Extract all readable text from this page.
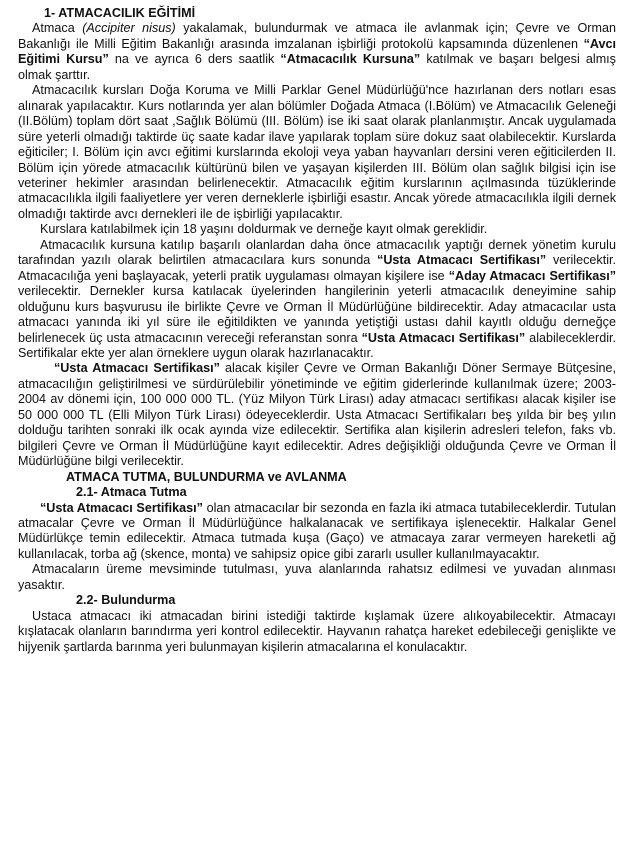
1- ATMACACILIK EĞİTİMİ

Atmaca (Accipiter nisus) yakalamak, bulundurmak ve atmaca ile avlanmak için; Çevre ve Orman Bakanlığı ile Milli Eğitim Bakanlığı arasında imzalanan işbirliği protokolü kapsamında düzenlenen “Avcı Eğitimi Kursu” na ve ayrıca 6 ders saatlik “Atmacacılık Kursuna” katılmak ve başarı belgesi almış olmak şarttır.

Atmacacılık kursları Doğa Koruma ve Milli Parklar Genel Müdürlüğü'nce hazırlanan ders notları esas alınarak yapılacaktır. Kurs notlarında yer alan bölümler Doğada Atmaca (I.Bölüm) ve Atmacacılık Geleneği (II.Bölüm) toplam dört saat ,Sağlık Bölümü (III. Bölüm) ise iki saat olarak planlanmıştır. Ancak uygulamada süre yeterli olmadığı taktirde üç saate kadar ilave yapılarak toplam süre dokuz saat olabilecektir. Kurslarda eğiticiler; I. Bölüm için avcı eğitimi kurslarında ekoloji veya yaban hayvanları dersini veren eğiticilerden II. Bölüm için yörede atmacacılık kültürünü bilen ve yaşayan kişilerden III. Bölüm olan sağlık bilgisi için ise veteriner hekimler arasından belirlenecektir. Atmacacılık eğitim kurslarının açılmasında tüzüklerinde atmacacılıkla ilgili faaliyetlere yer veren derneklerle işbirliği esastır. Ancak yörede atmacacılıkla ilgili dernek olmadığı taktirde avcı dernekleri ile de işbirliği yapılacaktır.

Kurslara katılabilmek için 18 yaşını doldurmak ve derneğe kayıt olmak gereklidir.

Atmacacılık kursuna katılıp başarılı olanlardan daha önce atmacacılık yaptığı dernek yönetim kurulu tarafından yazılı olarak belirtilen atmacacılara kurs sonunda “Usta Atmacacı Sertifikası” verilecektir. Atmacacılığa yeni başlayacak, yeterli pratik uygulaması olmayan kişilere ise “Aday Atmacacı Sertifikası” verilecektir. Dernekler kursa katılacak üyelerinden hangilerinin yeterli atmacacılık deneyimine sahip olduğunu kurs başvurusu ile birlikte Çevre ve Orman İl Müdürlüğüne bildirecektir. Aday atmacacılar usta atmacacı yanında iki yıl süre ile eğitildikten ve yanında yetiştiği ustası dahil kayıtlı olduğu derneğçe belirlenecek üç usta atmacacının vereceği referanstan sonra “Usta Atmacacı Sertifikası” alabileceklerdir. Sertifikalar ekte yer alan örneklere uygun olarak hazırlanacaktır.

“Usta Atmacacı Sertifikası” alacak kişiler Çevre ve Orman Bakanlığı Döner Sermaye Bütçesine, atmacacılığın geliştirilmesi ve sürdürülebilir yönetiminde ve eğitim giderlerinde kullanılmak üzere; 2003-2004 av dönemi için, 100 000 000 TL. (Yüz Milyon Türk Lirası) aday atmacacı sertifikası alacak kişiler ise 50 000 000 TL (Elli Milyon Türk Lirası) ödeyeceklerdir. Usta Atmacacı Sertifikaları beş yılda bir beş yılın dolduğu tarihten sonraki ilk ocak ayında vize edilecektir. Sertifika alan kişilerin adresleri telefon, faks vb. bilgileri Çevre ve Orman İl Müdürlüğüne kayıt edilecektir. Adres değişikliği olduğunda Çevre ve Orman İl Müdürlüğüne bilgi verilecektir.

ATMACA TUTMA, BULUNDURMA ve AVLANMA
2.1- Atmaca Tutma

“Usta Atmacacı Sertifikası” olan atmacacılar bir sezonda en fazla iki atmaca tutabileceklerdir. Tutulan atmacalar Çevre ve Orman İl Müdürlüğünce halkalanacak ve sertifikaya işlenecektir. Halkalar Genel Müdürlükçe temin edilecektir. Atmaca tutmada kuşa (Gaço) ve atmacaya zarar vermeyen hareketli ağ kullanılacak, torba ağ (skence, monta) ve sahipsiz opice gibi zararlı usuller kullanılmayacaktır.

Atmacaların üreme mevsiminde tutulması, yuva alanlarında rahatsız edilmesi ve yuvadan alınması yasaktır.

2.2- Bulundurma

Ustaca atmacacı iki atmacadan birini istediği taktirde kışlamak üzere alıkoyabilecektir. Atmacayı kışlatacak olanların barındırma yeri kontrol edilecektir. Hayvanın rahatça hareket edebileceği genişlikte ve hijyenik şartlarda barınma yeri bulunmayan kişilerin atmacalarına el konulacaktır.
